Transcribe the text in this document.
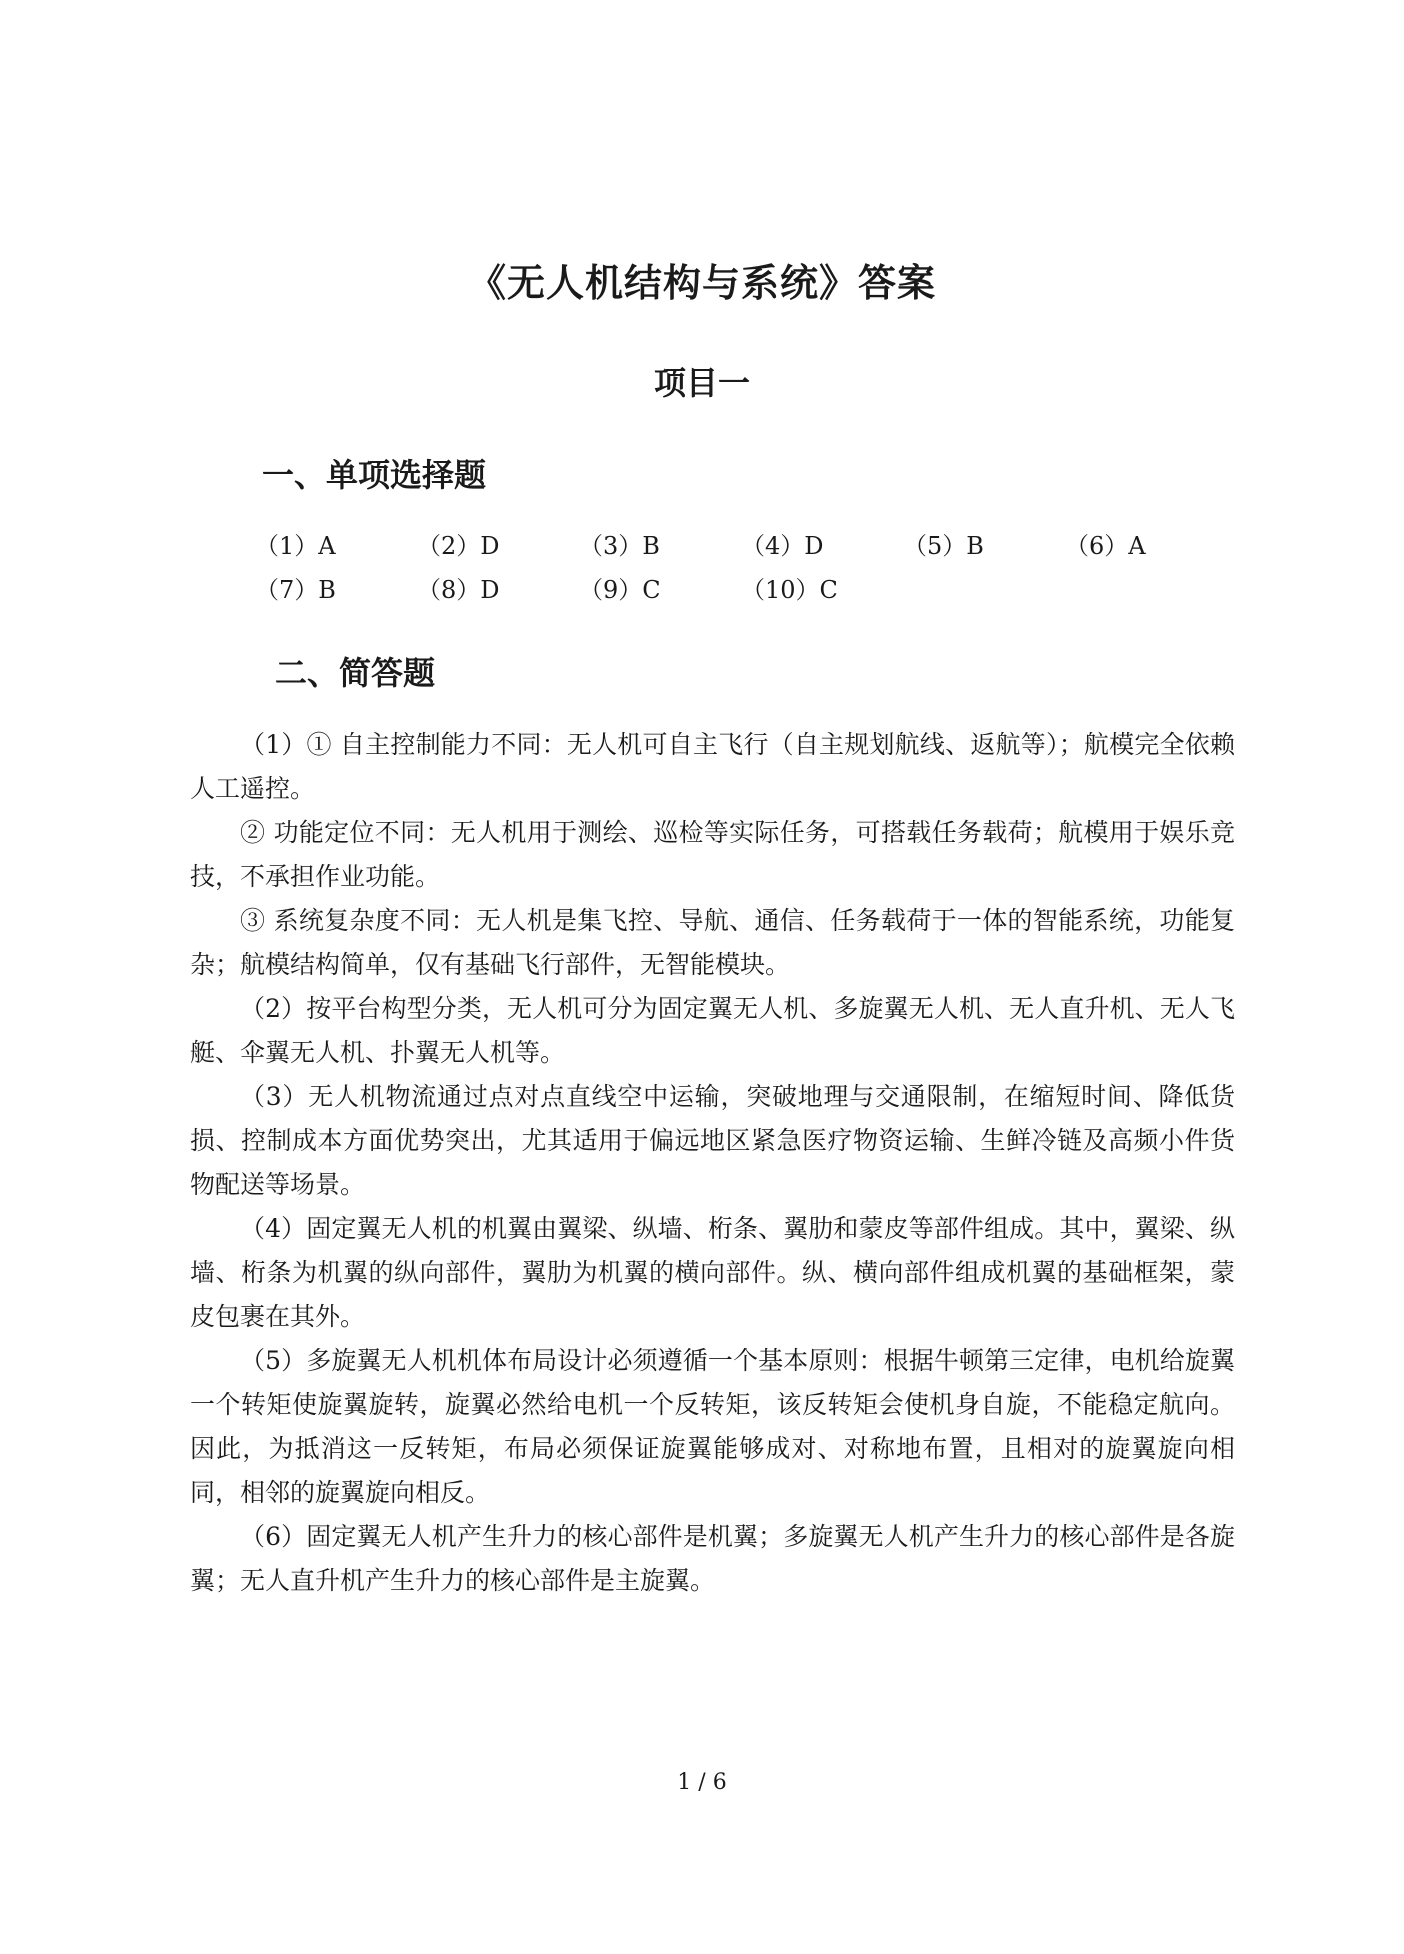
《无人机结构与系统》答案
项目一
一、单项选择题
（1）A	（2）D	（3）B	（4）D	（5）B	（6）A
（7）B	（8）D	（9）C	（10）C
二、简答题

（1）① 自主控制能力不同：无人机可自主飞行（自主规划航线、返航等）；航模完全依赖人工遥控。

② 功能定位不同：无人机用于测绘、巡检等实际任务，可搭载任务载荷；航模用于娱乐竞技，不承担作业功能。

③ 系统复杂度不同：无人机是集飞控、导航、通信、任务载荷于一体的智能系统，功能复杂；航模结构简单，仅有基础飞行部件，无智能模块。

（2）按平台构型分类，无人机可分为固定翼无人机、多旋翼无人机、无人直升机、无人飞艇、伞翼无人机、扑翼无人机等。

（3）无人机物流通过点对点直线空中运输，突破地理与交通限制，在缩短时间、降低货损、控制成本方面优势突出，尤其适用于偏远地区紧急医疗物资运输、生鲜冷链及高频小件货物配送等场景。

（4）固定翼无人机的机翼由翼梁、纵墙、桁条、翼肋和蒙皮等部件组成。其中，翼梁、纵墙、桁条为机翼的纵向部件，翼肋为机翼的横向部件。纵、横向部件组成机翼的基础框架，蒙皮包裹在其外。

（5）多旋翼无人机机体布局设计必须遵循一个基本原则：根据牛顿第三定律，电机给旋翼一个转矩使旋翼旋转，旋翼必然给电机一个反转矩，该反转矩会使机身自旋，不能稳定航向。因此，为抵消这一反转矩，布局必须保证旋翼能够成对、对称地布置，且相对的旋翼旋向相同，相邻的旋翼旋向相反。

（6）固定翼无人机产生升力的核心部件是机翼；多旋翼无人机产生升力的核心部件是各旋翼；无人直升机产生升力的核心部件是主旋翼。

1 / 6
